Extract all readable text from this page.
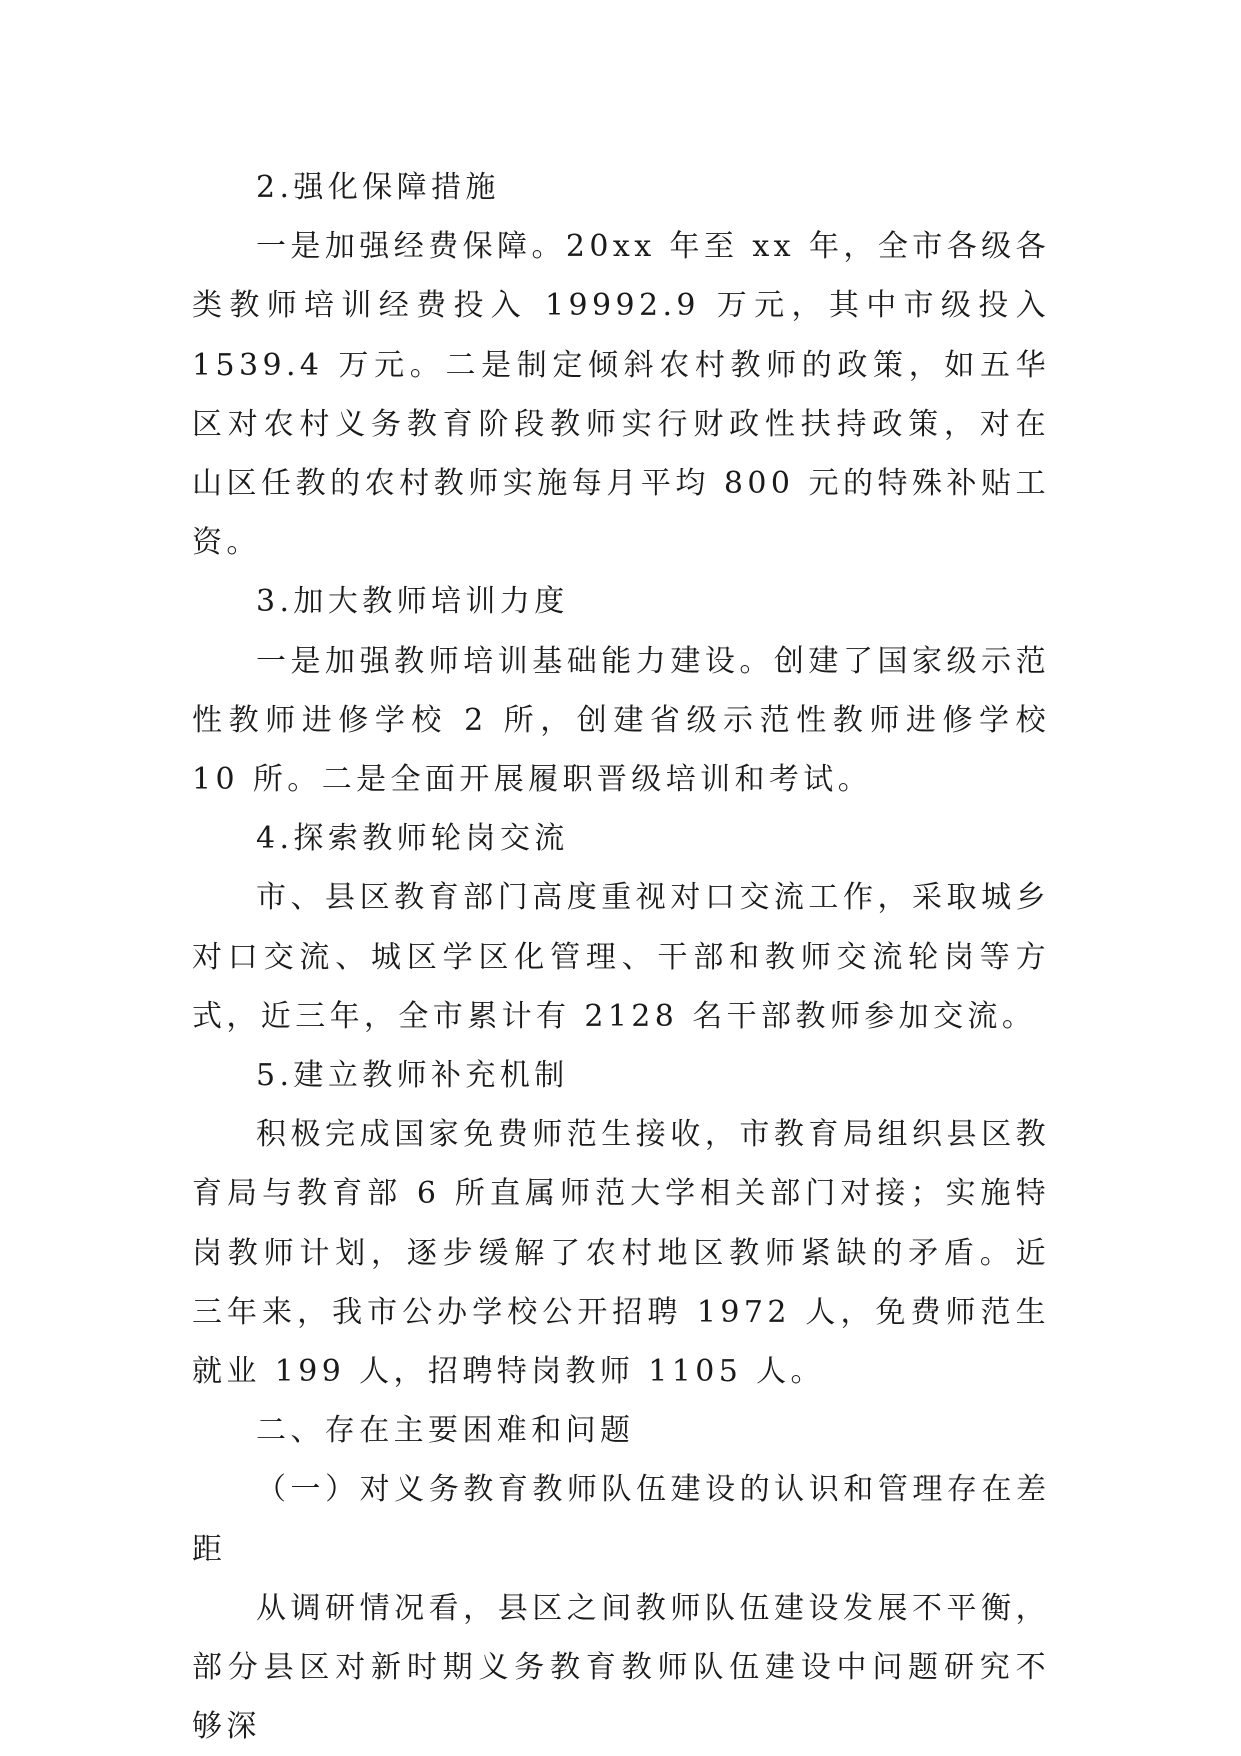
2.强化保障措施

一是加强经费保障。20xx 年至 xx 年，全市各级各类教师培训经费投入 19992.9 万元，其中市级投入 1539.4 万元。二是制定倾斜农村教师的政策，如五华区对农村义务教育阶段教师实行财政性扶持政策，对在山区任教的农村教师实施每月平均 800 元的特殊补贴工资。

3.加大教师培训力度

一是加强教师培训基础能力建设。创建了国家级示范性教师进修学校 2 所，创建省级示范性教师进修学校 10 所。二是全面开展履职晋级培训和考试。

4.探索教师轮岗交流

市、县区教育部门高度重视对口交流工作，采取城乡对口交流、城区学区化管理、干部和教师交流轮岗等方式，近三年，全市累计有 2128 名干部教师参加交流。

5.建立教师补充机制

积极完成国家免费师范生接收，市教育局组织县区教育局与教育部 6 所直属师范大学相关部门对接；实施特岗教师计划，逐步缓解了农村地区教师紧缺的矛盾。近三年来，我市公办学校公开招聘 1972 人，免费师范生就业 199 人，招聘特岗教师 1105 人。

二、存在主要困难和问题

（一）对义务教育教师队伍建设的认识和管理存在差距

从调研情况看，县区之间教师队伍建设发展不平衡，部分县区对新时期义务教育教师队伍建设中问题研究不够深
